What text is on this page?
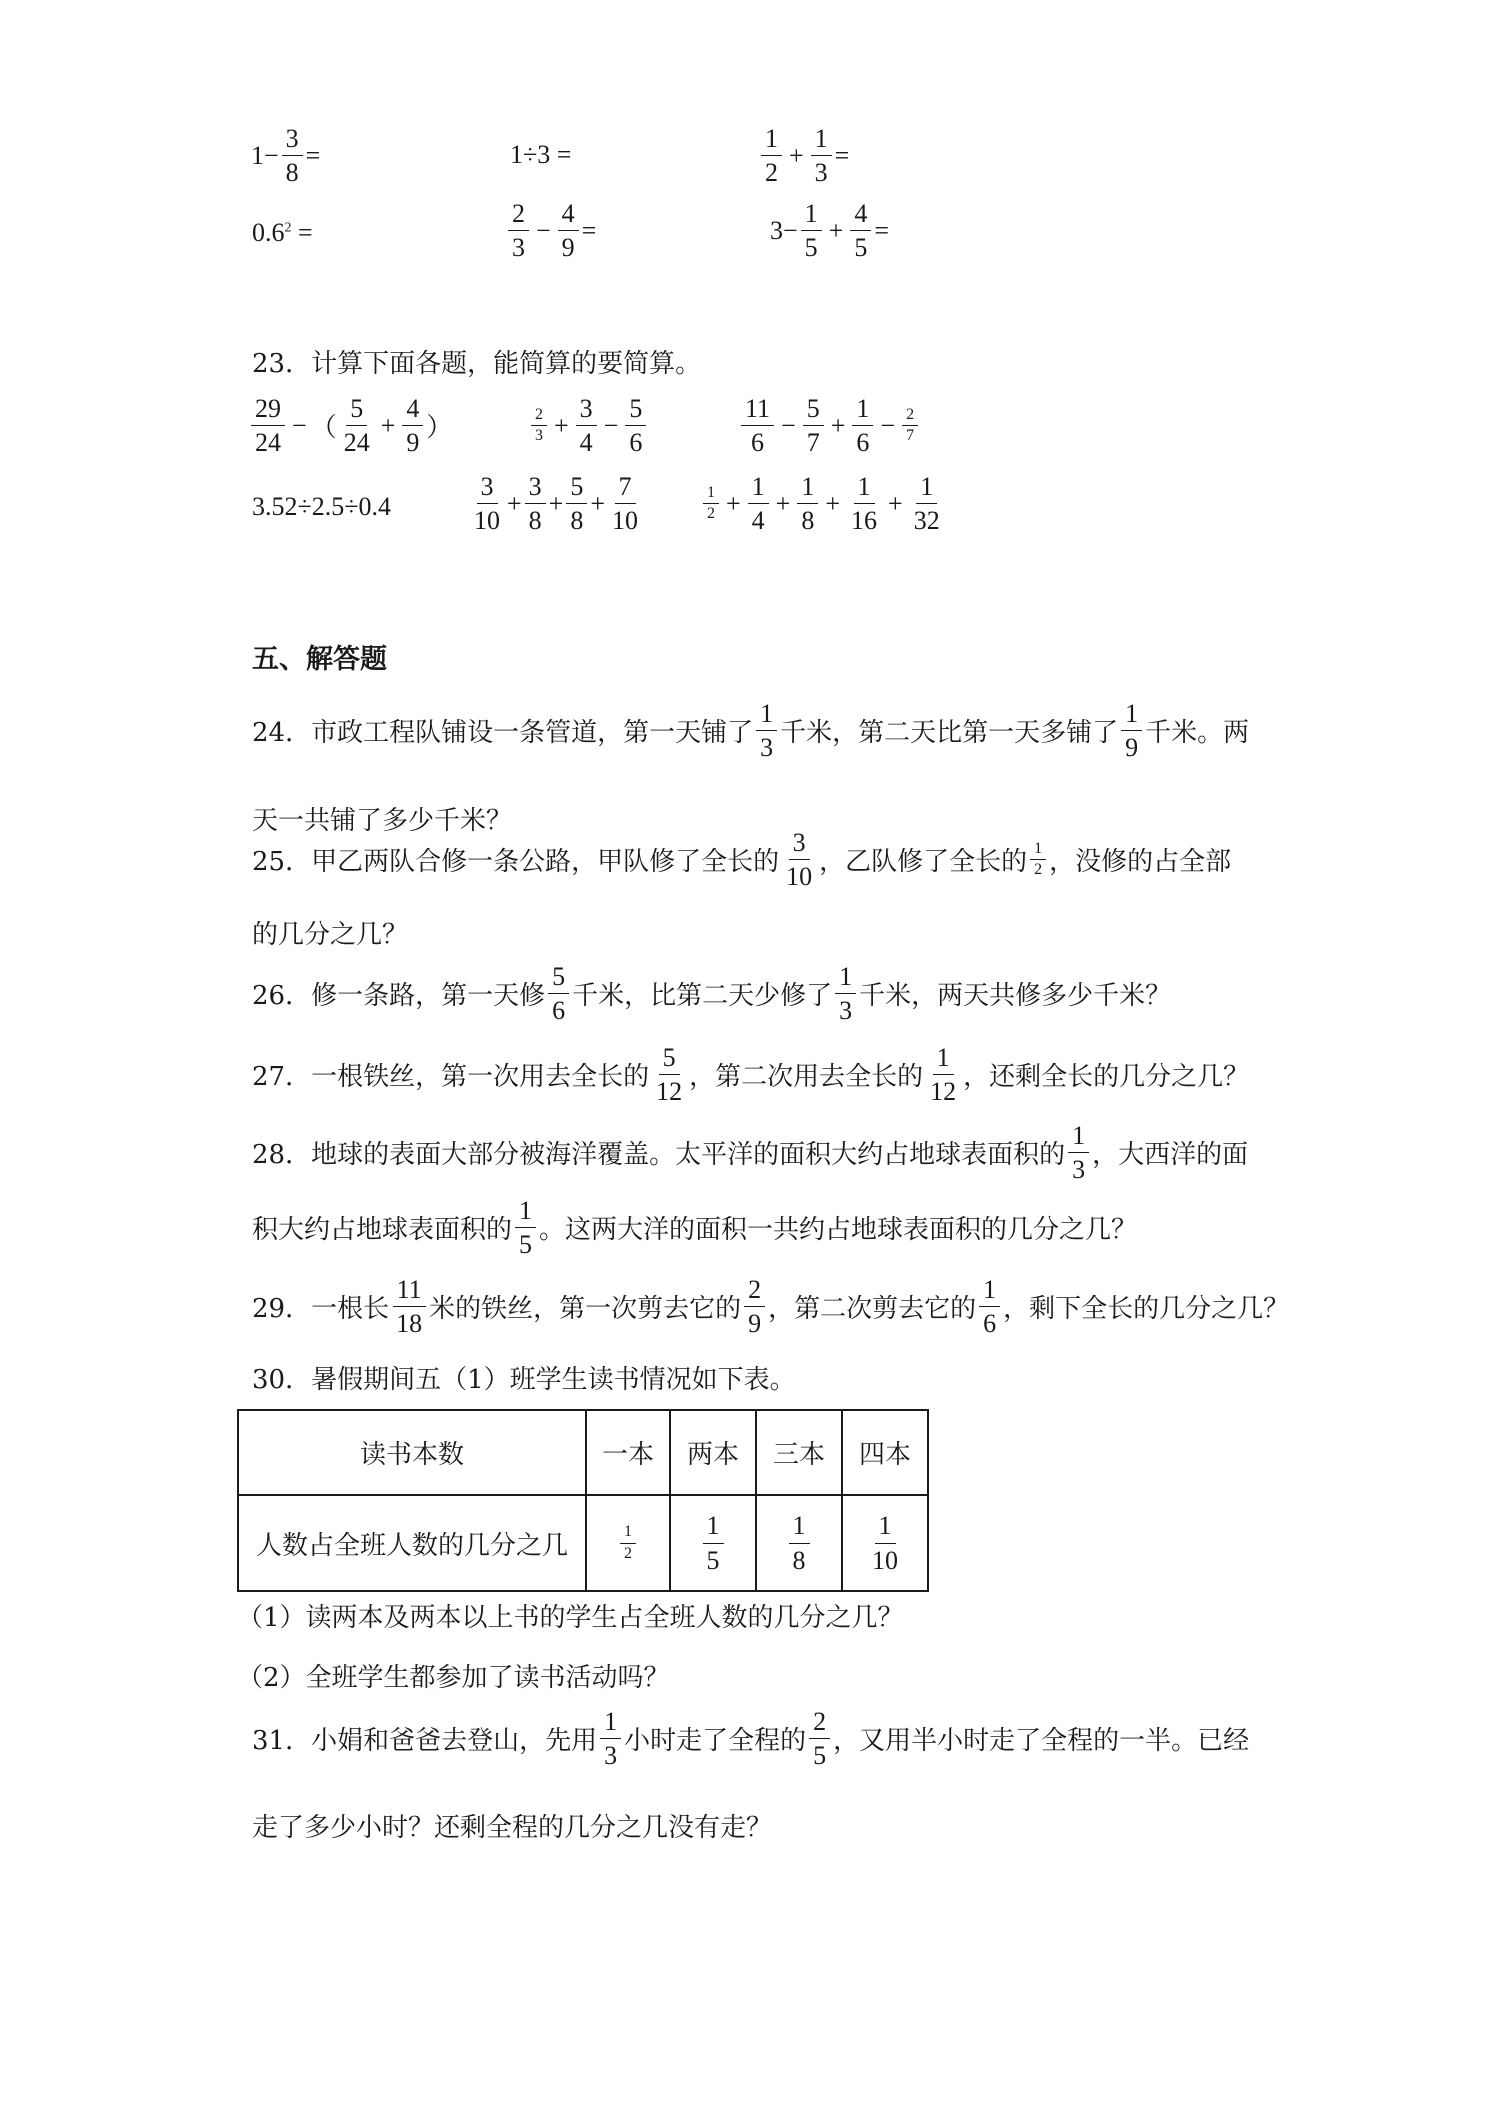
$1- \frac{3}{8}$ =	1÷3 =	$\frac{1}{2} + \frac{1}{3}$ =
$0.6^2$ =	$\frac{2}{3} - \frac{4}{9}$ =	$3- \frac{1}{5} + \frac{4}{5}$ =
23．计算下面各题，能简算的要简算。
$\frac{29}{24}$ − （ $\frac{5}{24} + \frac{4}{9}$ ）	$\frac{2}{3} + \frac{3}{4} - \frac{5}{6}$	$\frac{11}{6} - \frac{5}{7} + \frac{1}{6} - \frac{2}{7}$
3.52÷2.5÷0.4	$\frac{3}{10} + \frac{3}{8} + \frac{5}{8} + \frac{7}{10}$	$\frac{1}{2} + \frac{1}{4} + \frac{1}{8} + \frac{1}{16} + \frac{1}{32}$
五、解答题
24．市政工程队铺设一条管道，第一天铺了 $\frac{1}{3}$ 千米，第二天比第一天多铺了 $\frac{1}{9}$ 千米。两
天一共铺了多少千米？
25．甲乙两队合修一条公路，甲队修了全长的 $\frac{3}{10}$ ，乙队修了全长的 $\frac{1}{2}$ ，没修的占全部
的几分之几？
26．修一条路，第一天修 $\frac{5}{6}$ 千米，比第二天少修了 $\frac{1}{3}$ 千米，两天共修多少千米？
27．一根铁丝，第一次用去全长的 $\frac{5}{12}$ ，第二次用去全长的 $\frac{1}{12}$ ，还剩全长的几分之几？
28．地球的表面大部分被海洋覆盖。太平洋的面积大约占地球表面积的 $\frac{1}{3}$ ，大西洋的面
积大约占地球表面积的 $\frac{1}{5}$ 。这两大洋的面积一共约占地球表面积的几分之几？
29．一根长 $\frac{11}{18}$ 米的铁丝，第一次剪去它的 $\frac{2}{9}$ ，第二次剪去它的 $\frac{1}{6}$ ，剩下全长的几分之几？
30．暑假期间五（1）班学生读书情况如下表。
读书本数	一本	两本	三本	四本
人数占全班人数的几分之几	$\frac{1}{2}$	$\frac{1}{5}$	$\frac{1}{8}$	$\frac{1}{10}$
（1）读两本及两本以上书的学生占全班人数的几分之几？
（2）全班学生都参加了读书活动吗？
31．小娟和爸爸去登山，先用 $\frac{1}{3}$ 小时走了全程的 $\frac{2}{5}$ ，又用半小时走了全程的一半。已经
走了多少小时？还剩全程的几分之几没有走？
